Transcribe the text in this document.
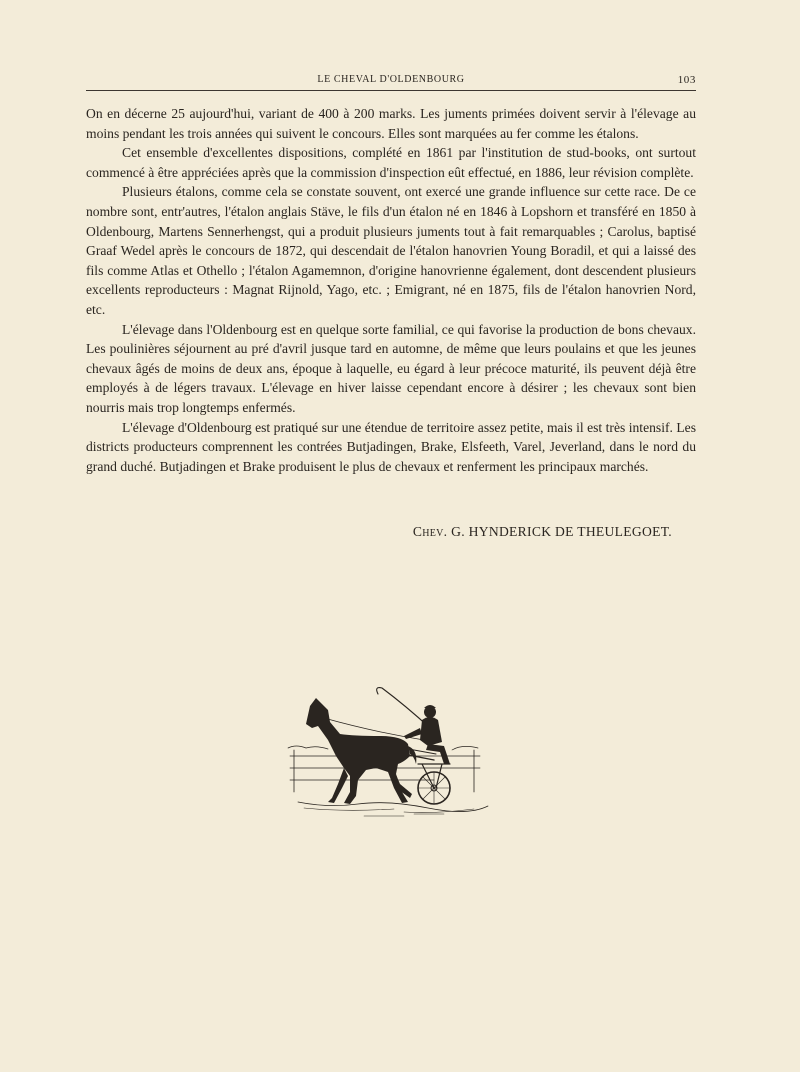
LE CHEVAL D'OLDENBOURG	103

On en décerne 25 aujourd'hui, variant de 400 à 200 marks. Les juments primées doivent servir à l'élevage au moins pendant les trois années qui suivent le concours. Elles sont marquées au fer comme les étalons.

Cet ensemble d'excellentes dispositions, complété en 1861 par l'institution de stud-books, ont surtout commencé à être appréciées après que la commission d'inspection eût effectué, en 1886, leur révision complète.

Plusieurs étalons, comme cela se constate souvent, ont exercé une grande influence sur cette race. De ce nombre sont, entr'autres, l'étalon anglais Stäve, le fils d'un étalon né en 1846 à Lopshorn et transféré en 1850 à Oldenbourg, Martens Sennerhengst, qui a produit plusieurs juments tout à fait remarquables ; Carolus, baptisé Graaf Wedel après le concours de 1872, qui descendait de l'étalon hanovrien Young Boradil, et qui a laissé des fils comme Atlas et Othello ; l'étalon Agamemnon, d'origine hanovrienne également, dont descendent plusieurs excellents reproducteurs : Magnat Rijnold, Yago, etc. ; Emigrant, né en 1875, fils de l'étalon hanovrien Nord, etc.

L'élevage dans l'Oldenbourg est en quelque sorte familial, ce qui favorise la production de bons chevaux. Les poulinières séjournent au pré d'avril jusque tard en automne, de même que leurs poulains et que les jeunes chevaux âgés de moins de deux ans, époque à laquelle, eu égard à leur précoce maturité, ils peuvent déjà être employés à de légers travaux. L'élevage en hiver laisse cependant encore à désirer ; les chevaux sont bien nourris mais trop longtemps enfermés.

L'élevage d'Oldenbourg est pratiqué sur une étendue de territoire assez petite, mais il est très intensif. Les districts producteurs comprennent les contrées Butjadingen, Brake, Elsfeeth, Varel, Jeverland, dans le nord du grand duché. Butjadingen et Brake produisent le plus de chevaux et renferment les principaux marchés.

Chev. G. HYNDERICK DE THEULEGOET.
